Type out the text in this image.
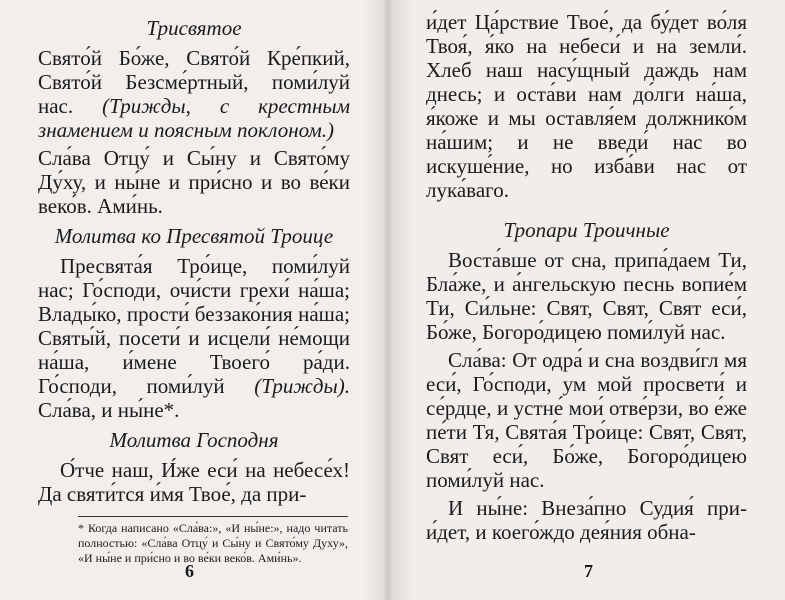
Трисвятое

Свято́й Бо́же, Свято́й Кре́пкий, Свято́й Безсме́ртный, поми́луй нас. (Трижды, с крестным знамением и поясным поклоном.)

Сла́ва Отцу́ и Сы́ну и Свято́му Ду́ху, и ны́не и при́сно и во ве́ки веко́в. Ами́нь.

Молитва ко Пресвятой Троице

Пресвята́я Тро́ице, поми́луй нас; Го́споди, очи́сти грехи́ на́ша; Влады́ко, прости́ беззако́ния на́ша; Святы́й, посети́ и исцели́ не́мощи на́ша, и́мене Твоего́ ра́ди. Го́споди, поми́луй (Трижды). Сла́ва, и ны́не*.

Молитва Господня

О́тче наш, И́же еси́ на небесе́х! Да святи́тся и́мя Твое́, да при-

* Когда написано «Сла́ва:», «И ны́не:», надо читать полностью: «Сла́ва Отцу́ и Сы́ну и Свято́му Духу», «И ны́не и при́сно и во ве́ки веко́в. Ами́нь».
6

и́дет Ца́рствие Твое́, да бу́дет во́ля Твоя́, я́ко на небеси́ и на земли́. Хлеб наш насу́щный даждь нам днесь; и оста́ви нам до́лги на́ша, я́коже и мы оставля́ем должнико́м на́шим; и не введи́ нас во искуше́ние, но изба́ви нас от лука́ваго.

Тропари Троичные

Воста́вше от сна, припа́даем Ти, Бла́же, и а́нгельскую песнь вопие́м Ти, Си́льне: Свят, Свят, Свят еси́, Бо́же, Богоро́дицею поми́луй нас.

Сла́ва: От одра́ и сна воздви́гл мя еси́, Го́споди, ум мой просвети́ и се́рдце, и устне́ мои́ отве́рзи, во е́же пе́ти Тя, Свята́я Тро́ице: Свят, Свят, Свят еси́, Бо́же, Богоро́дицею поми́луй нас.

И ны́не: Внеза́пно Судия́ прии́дет, и коего́ждо дея́ния обна-

7
